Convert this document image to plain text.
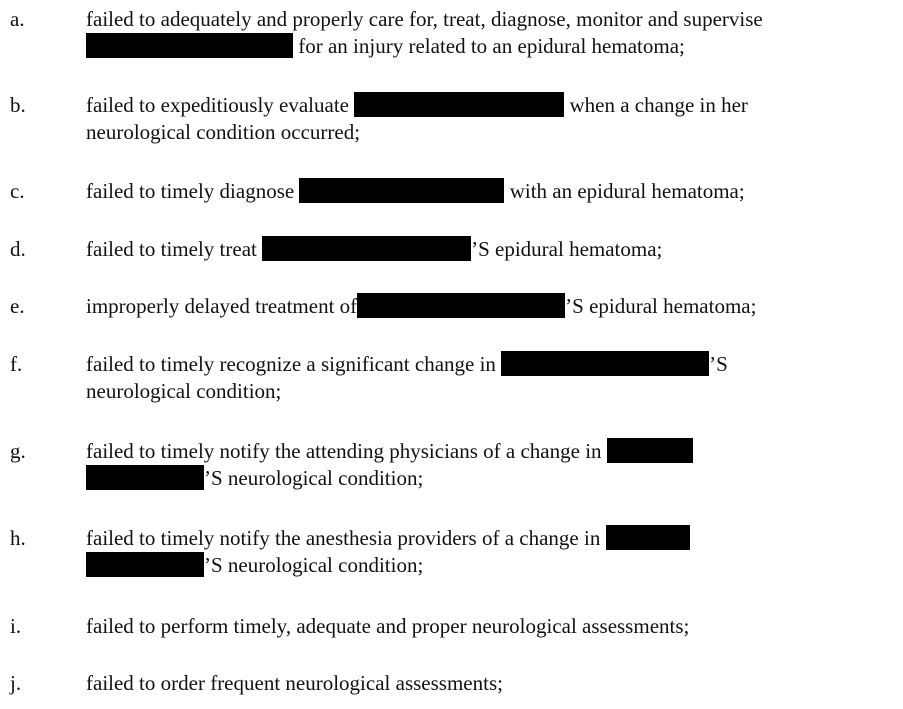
a.	failed to adequately and properly care for, treat, diagnose, monitor and supervise
for an injury related to an epidural hematoma;
b.	failed to expeditiously evaluate	when a change in her
neurological condition occurred;
c.	failed to timely diagnose	with an epidural hematoma;
d.	failed to timely treat	’S epidural hematoma;
e.	improperly delayed treatment of	’S epidural hematoma;
f.	failed to timely recognize a significant change in	’S
neurological condition;
g.	failed to timely notify the attending physicians of a change in
’S neurological condition;
h.	failed to timely notify the anesthesia providers of a change in
’S neurological condition;
i.	failed to perform timely, adequate and proper neurological assessments;
j.	failed to order frequent neurological assessments;
